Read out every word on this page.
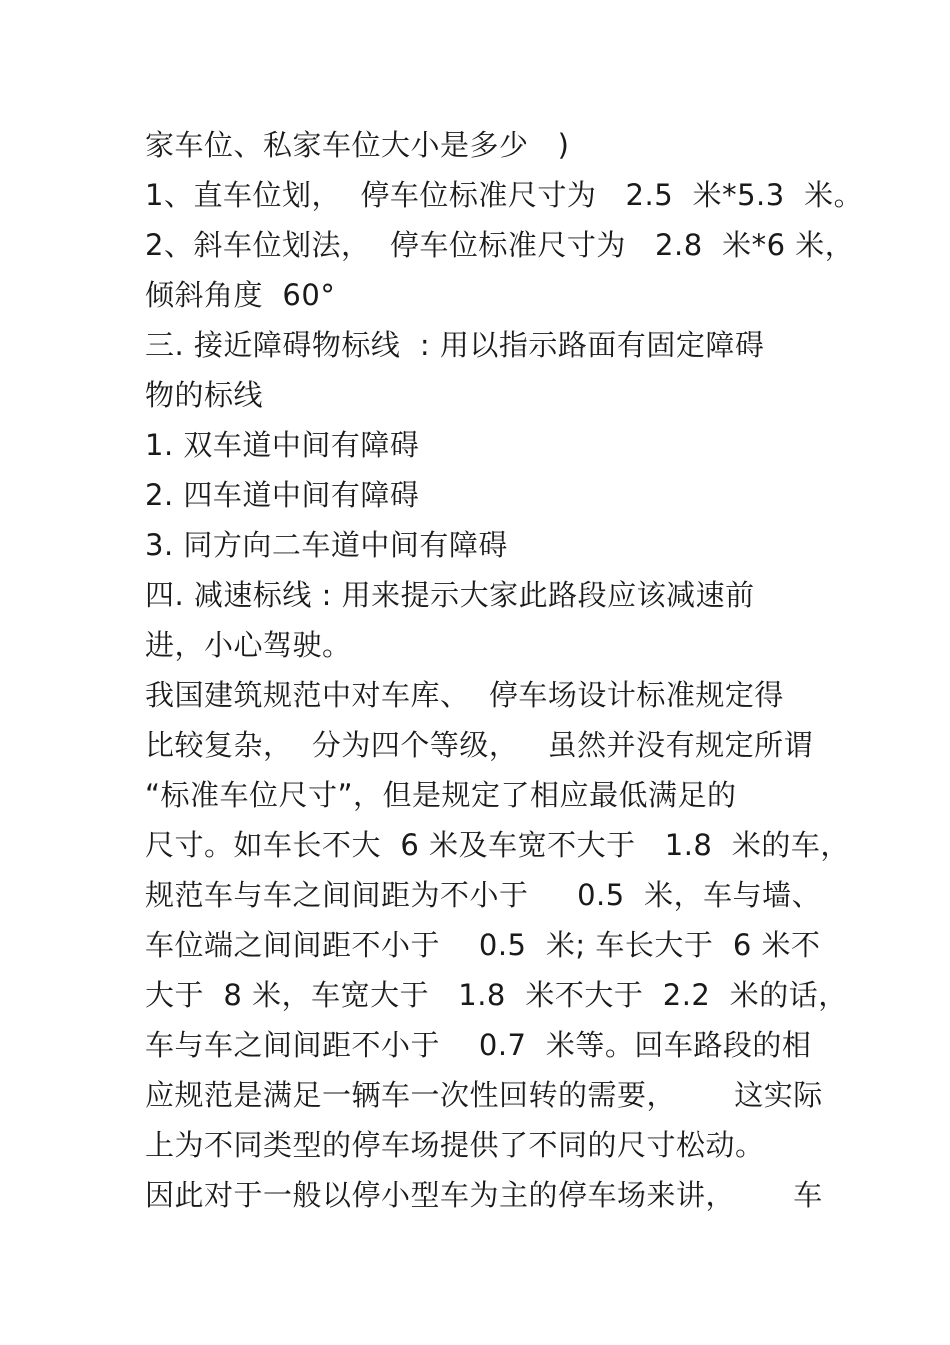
家车位、私家车位大小是多少   )
1、直车位划，  停车位标准尺寸为   2.5  米*5.3  米。
2、斜车位划法，  停车位标准尺寸为   2.8  米*6 米，
倾斜角度  60°
三. 接近障碍物标线  : 用以指示路面有固定障碍
物的标线
1. 双车道中间有障碍
2. 四车道中间有障碍
3. 同方向二车道中间有障碍
四. 减速标线 : 用来提示大家此路段应该减速前
进，小心驾驶。
我国建筑规范中对车库、  停车场设计标准规定得
比较复杂，  分为四个等级，   虽然并没有规定所谓
“标准车位尺寸”，但是规定了相应最低满足的
尺寸。如车长不大  6 米及车宽不大于   1.8  米的车，
规范车与车之间间距为不小于     0.5  米，车与墙、
车位端之间间距不小于    0.5  米; 车长大于  6 米不
大于  8 米，车宽大于   1.8  米不大于  2.2  米的话，
车与车之间间距不小于    0.7  米等。回车路段的相
应规范是满足一辆车一次性回转的需要，      这实际
上为不同类型的停车场提供了不同的尺寸松动。
因此对于一般以停小型车为主的停车场来讲，      车
